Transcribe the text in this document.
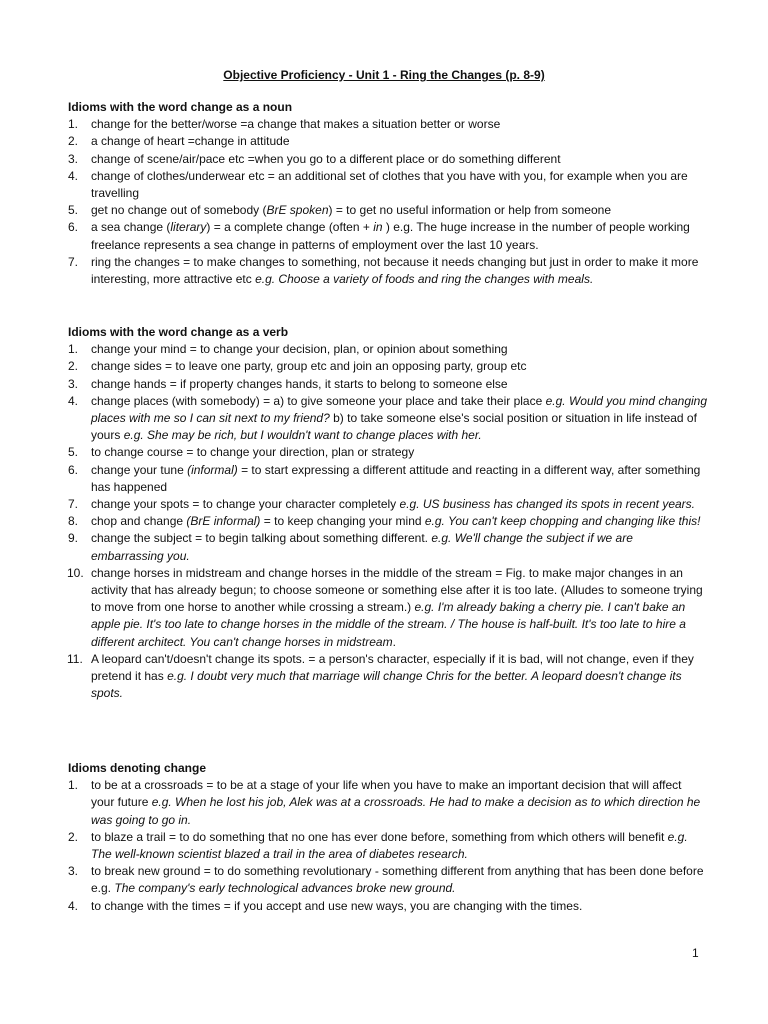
Objective Proficiency - Unit 1 - Ring the Changes (p. 8-9)

Idioms with the word change as a noun

1. change for the better/worse =a change that makes a situation better or worse
2. a change of heart =change in attitude
3. change of scene/air/pace etc =when you go to a different place or do something different
4. change of clothes/underwear etc = an additional set of clothes that you have with you, for example when you are travelling
5. get no change out of somebody (BrE spoken) = to get no useful information or help from someone
6. a sea change (literary) = a complete change (often + in ) e.g. The huge increase in the number of people working freelance represents a sea change in patterns of employment over the last 10 years.
7. ring the changes = to make changes to something, not because it needs changing but just in order to make it more interesting, more attractive etc e.g. Choose a variety of foods and ring the changes with meals.

Idioms with the word change as a verb

1. change your mind = to change your decision, plan, or opinion about something
2. change sides = to leave one party, group etc and join an opposing party, group etc
3. change hands = if property changes hands, it starts to belong to someone else
4. change places (with somebody) = a) to give someone your place and take their place e.g. Would you mind changing places with me so I can sit next to my friend? b) to take someone else's social position or situation in life instead of yours e.g. She may be rich, but I wouldn't want to change places with her.
5. to change course = to change your direction, plan or strategy
6. change your tune (informal) = to start expressing a different attitude and reacting in a different way, after something has happened
7. change your spots = to change your character completely e.g. US business has changed its spots in recent years.
8. chop and change (BrE informal) = to keep changing your mind e.g. You can't keep chopping and changing like this!
9. change the subject = to begin talking about something different. e.g. We'll change the subject if we are embarrassing you.
10. change horses in midstream and change horses in the middle of the stream = Fig. to make major changes in an activity that has already begun; to choose someone or something else after it is too late. (Alludes to someone trying to move from one horse to another while crossing a stream.) e.g. I'm already baking a cherry pie. I can't bake an apple pie. It's too late to change horses in the middle of the stream. / The house is half-built. It's too late to hire a different architect. You can't change horses in midstream.
11. A leopard can't/doesn't change its spots. = a person's character, especially if it is bad, will not change, even if they pretend it has e.g. I doubt very much that marriage will change Chris for the better. A leopard doesn't change its spots.

Idioms denoting change

1. to be at a crossroads = to be at a stage of your life when you have to make an important decision that will affect your future e.g. When he lost his job, Alek was at a crossroads. He had to make a decision as to which direction he was going to go in.
2. to blaze a trail = to do something that no one has ever done before, something from which others will benefit e.g. The well-known scientist blazed a trail in the area of diabetes research.
3. to break new ground = to do something revolutionary - something different from anything that has been done before e.g. The company's early technological advances broke new ground.
4. to change with the times = if you accept and use new ways, you are changing with the times.
1
